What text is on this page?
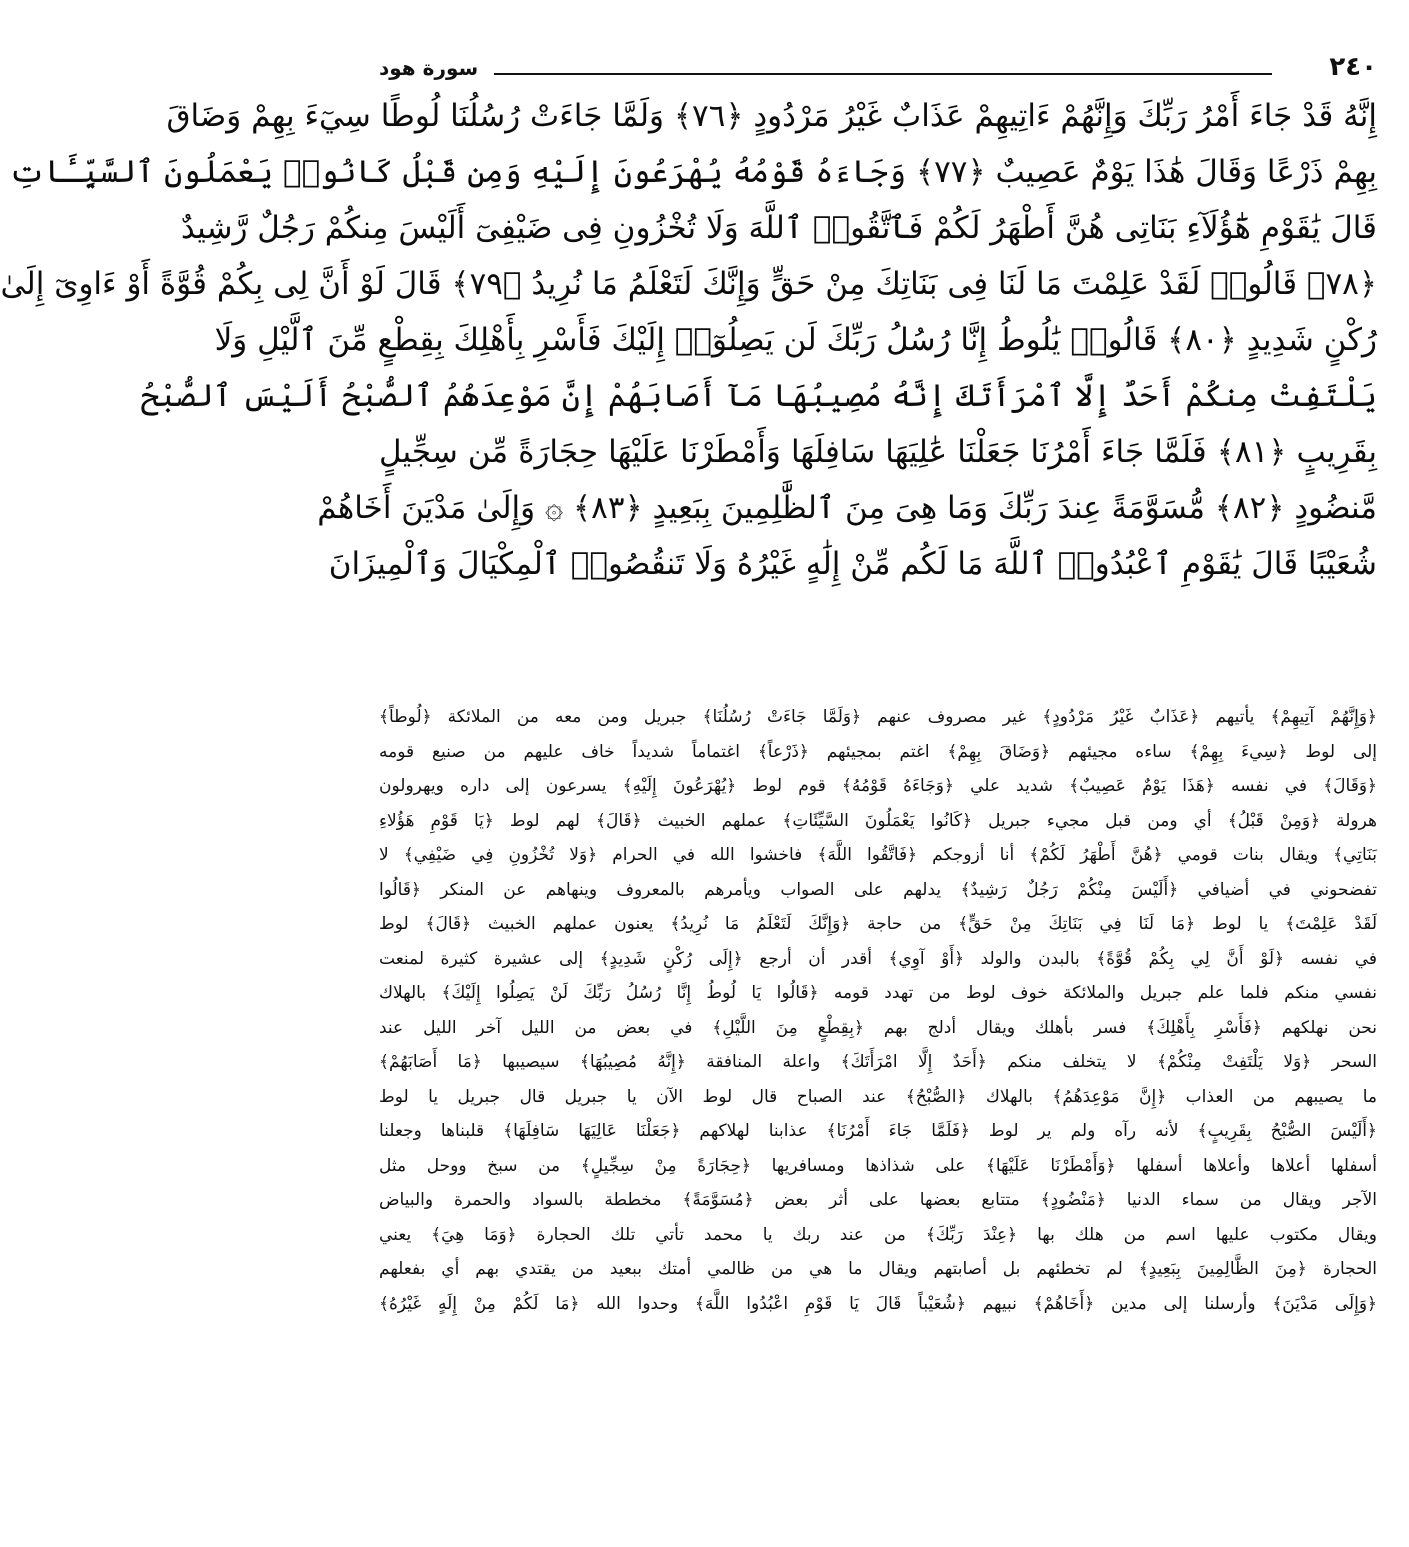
٢٤٠
سورة هود
إِنَّهُ قَدْ جَاءَ أَمْرُ رَبِّكَ وَإِنَّهُمْ ءَاتِيهِمْ عَذَابٌ غَيْرُ مَرْدُودٍ ﴿٧٦﴾ وَلَمَّا جَاءَتْ رُسُلُنَا لُوطًا سِيٓءَ بِهِمْ وَضَاقَ
بِهِمْ ذَرْعًا وَقَالَ هَٰذَا يَوْمٌ عَصِيبٌ ﴿٧٧﴾ وَجَاءَهُ قَوْمُهُ يُهْرَعُونَ إِلَيْهِ وَمِن قَبْلُ كَانُوا۟ يَعْمَلُونَ ٱلسَّيِّـَٔاتِ
قَالَ يَٰقَوْمِ هَٰٓؤُلَآءِ بَنَاتِى هُنَّ أَطْهَرُ لَكُمْ فَٱتَّقُوا۟ ٱللَّهَ وَلَا تُخْزُونِ فِى ضَيْفِىٓ أَلَيْسَ مِنكُمْ رَجُلٌ رَّشِيدٌ
﴿٧٨﴾ قَالُوا۟ لَقَدْ عَلِمْتَ مَا لَنَا فِى بَنَاتِكَ مِنْ حَقٍّ وَإِنَّكَ لَتَعْلَمُ مَا نُرِيدُ ﴿٧٩﴾ قَالَ لَوْ أَنَّ لِى بِكُمْ قُوَّةً أَوْ ءَاوِىٓ إِلَىٰ
رُكْنٍ شَدِيدٍ ﴿٨٠﴾ قَالُوا۟ يَٰلُوطُ إِنَّا رُسُلُ رَبِّكَ لَن يَصِلُوٓا۟ إِلَيْكَ فَأَسْرِ بِأَهْلِكَ بِقِطْعٍ مِّنَ ٱلَّيْلِ وَلَا
يَلْتَفِتْ مِنكُمْ أَحَدٌ إِلَّا ٱمْرَأَتَكَ إِنَّهُ مُصِيبُهَا مَآ أَصَابَهُمْ إِنَّ مَوْعِدَهُمُ ٱلصُّبْحُ أَلَيْسَ ٱلصُّبْحُ
بِقَرِيبٍ ﴿٨١﴾ فَلَمَّا جَاءَ أَمْرُنَا جَعَلْنَا عَٰلِيَهَا سَافِلَهَا وَأَمْطَرْنَا عَلَيْهَا حِجَارَةً مِّن سِجِّيلٍ
مَّنضُودٍ ﴿٨٢﴾ مُّسَوَّمَةً عِندَ رَبِّكَ وَمَا هِىَ مِنَ ٱلظَّٰلِمِينَ بِبَعِيدٍ ﴿٨٣﴾ ۞ وَإِلَىٰ مَدْيَنَ أَخَاهُمْ
شُعَيْبًا قَالَ يَٰقَوْمِ ٱعْبُدُوا۟ ٱللَّهَ مَا لَكُم مِّنْ إِلَٰهٍ غَيْرُهُ وَلَا تَنقُصُوا۟ ٱلْمِكْيَالَ وَٱلْمِيزَانَ
﴿وَإِنَّهُمْ آتِيهِمْ﴾ يأتيهم ﴿عَذَابٌ غَيْرُ مَرْدُودٍ﴾ غير مصروف عنهم ﴿وَلَمَّا جَاءَتْ رُسُلُنَا﴾ جبريل ومن معه من الملائكة ﴿لُوطاً﴾
إلى لوط ﴿سِيءَ بِهِمْ﴾ ساءه مجيئهم ﴿وَضَاقَ بِهِمْ﴾ اغتم بمجيئهم ﴿ذَرْعاً﴾ اغتماماً شديداً خاف عليهم من صنيع قومه
﴿وَقَالَ﴾ في نفسه ﴿هَذَا يَوْمٌ عَصِيبٌ﴾ شديد علي ﴿وَجَاءَهُ قَوْمُهُ﴾ قوم لوط ﴿يُهْرَعُونَ إِلَيْهِ﴾ يسرعون إلى داره ويهرولون
هرولة ﴿وَمِنْ قَبْلُ﴾ أي ومن قبل مجيء جبريل ﴿كَانُوا يَعْمَلُونَ السَّيِّئَاتِ﴾ عملهم الخبيث ﴿قَالَ﴾ لهم لوط ﴿يَا قَوْمِ هَؤُلاءِ
بَنَاتِي﴾ ويقال بنات قومي ﴿هُنَّ أَطْهَرُ لَكُمْ﴾ أنا أزوجكم ﴿فَاتَّقُوا اللَّهَ﴾ فاخشوا الله في الحرام ﴿وَلا تُخْزُونِ فِي ضَيْفِي﴾ لا
تفضحوني في أضيافي ﴿أَلَيْسَ مِنْكُمْ رَجُلٌ رَشِيدٌ﴾ يدلهم على الصواب ويأمرهم بالمعروف وينهاهم عن المنكر ﴿قَالُوا
لَقَدْ عَلِمْتَ﴾ يا لوط ﴿مَا لَنَا فِي بَنَاتِكَ مِنْ حَقٍّ﴾ من حاجة ﴿وَإِنَّكَ لَتَعْلَمُ مَا نُرِيدُ﴾ يعنون عملهم الخبيث ﴿قَالَ﴾ لوط
في نفسه ﴿لَوْ أَنَّ لِي بِكُمْ قُوَّةً﴾ بالبدن والولد ﴿أَوْ آوِي﴾ أقدر أن أرجع ﴿إِلَى رُكْنٍ شَدِيدٍ﴾ إلى عشيرة كثيرة لمنعت
نفسي منكم فلما علم جبريل والملائكة خوف لوط من تهدد قومه ﴿قَالُوا يَا لُوطُ إِنَّا رُسُلُ رَبِّكَ لَنْ يَصِلُوا إِلَيْكَ﴾ بالهلاك
نحن نهلكهم ﴿فَأَسْرِ بِأَهْلِكَ﴾ فسر بأهلك ويقال أدلج بهم ﴿بِقِطْعٍ مِنَ اللَّيْلِ﴾ في بعض من الليل آخر الليل عند
السحر ﴿وَلا يَلْتَفِتْ مِنْكُمْ﴾ لا يتخلف منكم ﴿أَحَدٌ إِلَّا امْرَأَتَكَ﴾ واعلة المنافقة ﴿إِنَّهُ مُصِيبُهَا﴾ سيصيبها ﴿مَا أَصَابَهُمْ﴾
ما يصيبهم من العذاب ﴿إِنَّ مَوْعِدَهُمُ﴾ بالهلاك ﴿الصُّبْحُ﴾ عند الصباح قال لوط الآن يا جبريل قال جبريل يا لوط
﴿أَلَيْسَ الصُّبْحُ بِقَرِيبٍ﴾ لأنه رآه ولم ير لوط ﴿فَلَمَّا جَاءَ أَمْرُنَا﴾ عذابنا لهلاكهم ﴿جَعَلْنَا عَالِيَهَا سَافِلَهَا﴾ قلبناها وجعلنا
أسفلها أعلاها وأعلاها أسفلها ﴿وَأَمْطَرْنَا عَلَيْهَا﴾ على شذاذها ومسافريها ﴿حِجَارَةً مِنْ سِجِّيلٍ﴾ من سبخ ووحل مثل
الآجر ويقال من سماء الدنيا ﴿مَنْضُودٍ﴾ متتابع بعضها على أثر بعض ﴿مُسَوَّمَةً﴾ مخططة بالسواد والحمرة والبياض
ويقال مكتوب عليها اسم من هلك بها ﴿عِنْدَ رَبِّكَ﴾ من عند ربك يا محمد تأتي تلك الحجارة ﴿وَمَا هِيَ﴾ يعني
الحجارة ﴿مِنَ الظَّالِمِينَ بِبَعِيدٍ﴾ لم تخطئهم بل أصابتهم ويقال ما هي من ظالمي أمتك ببعيد من يقتدي بهم أي بفعلهم
﴿وَإِلَى مَدْيَنَ﴾ وأرسلنا إلى مدين ﴿أَخَاهُمْ﴾ نبيهم ﴿شُعَيْباً قَالَ يَا قَوْمِ اعْبُدُوا اللَّهَ﴾ وحدوا الله ﴿مَا لَكُمْ مِنْ إِلَهٍ غَيْرُهُ﴾
